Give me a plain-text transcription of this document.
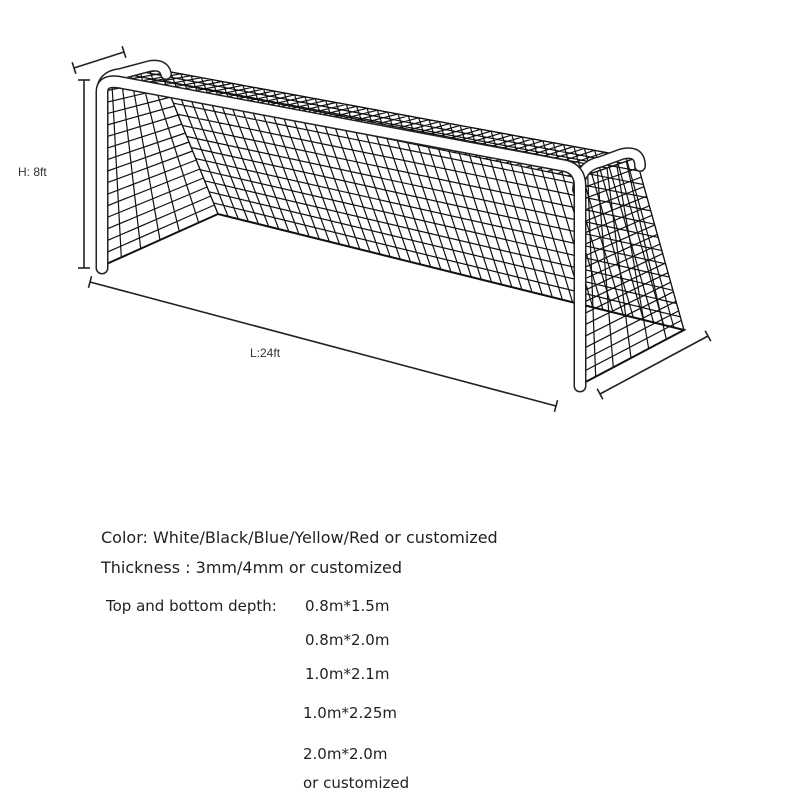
H: 8ft
L:24ft
Color: White/Black/Blue/Yellow/Red or customized
Thickness : 3mm/4mm or customized
Top and bottom depth: 0.8m*1.5m
0.8m*2.0m
1.0m*2.1m
1.0m*2.25m
2.0m*2.0m
or customized
